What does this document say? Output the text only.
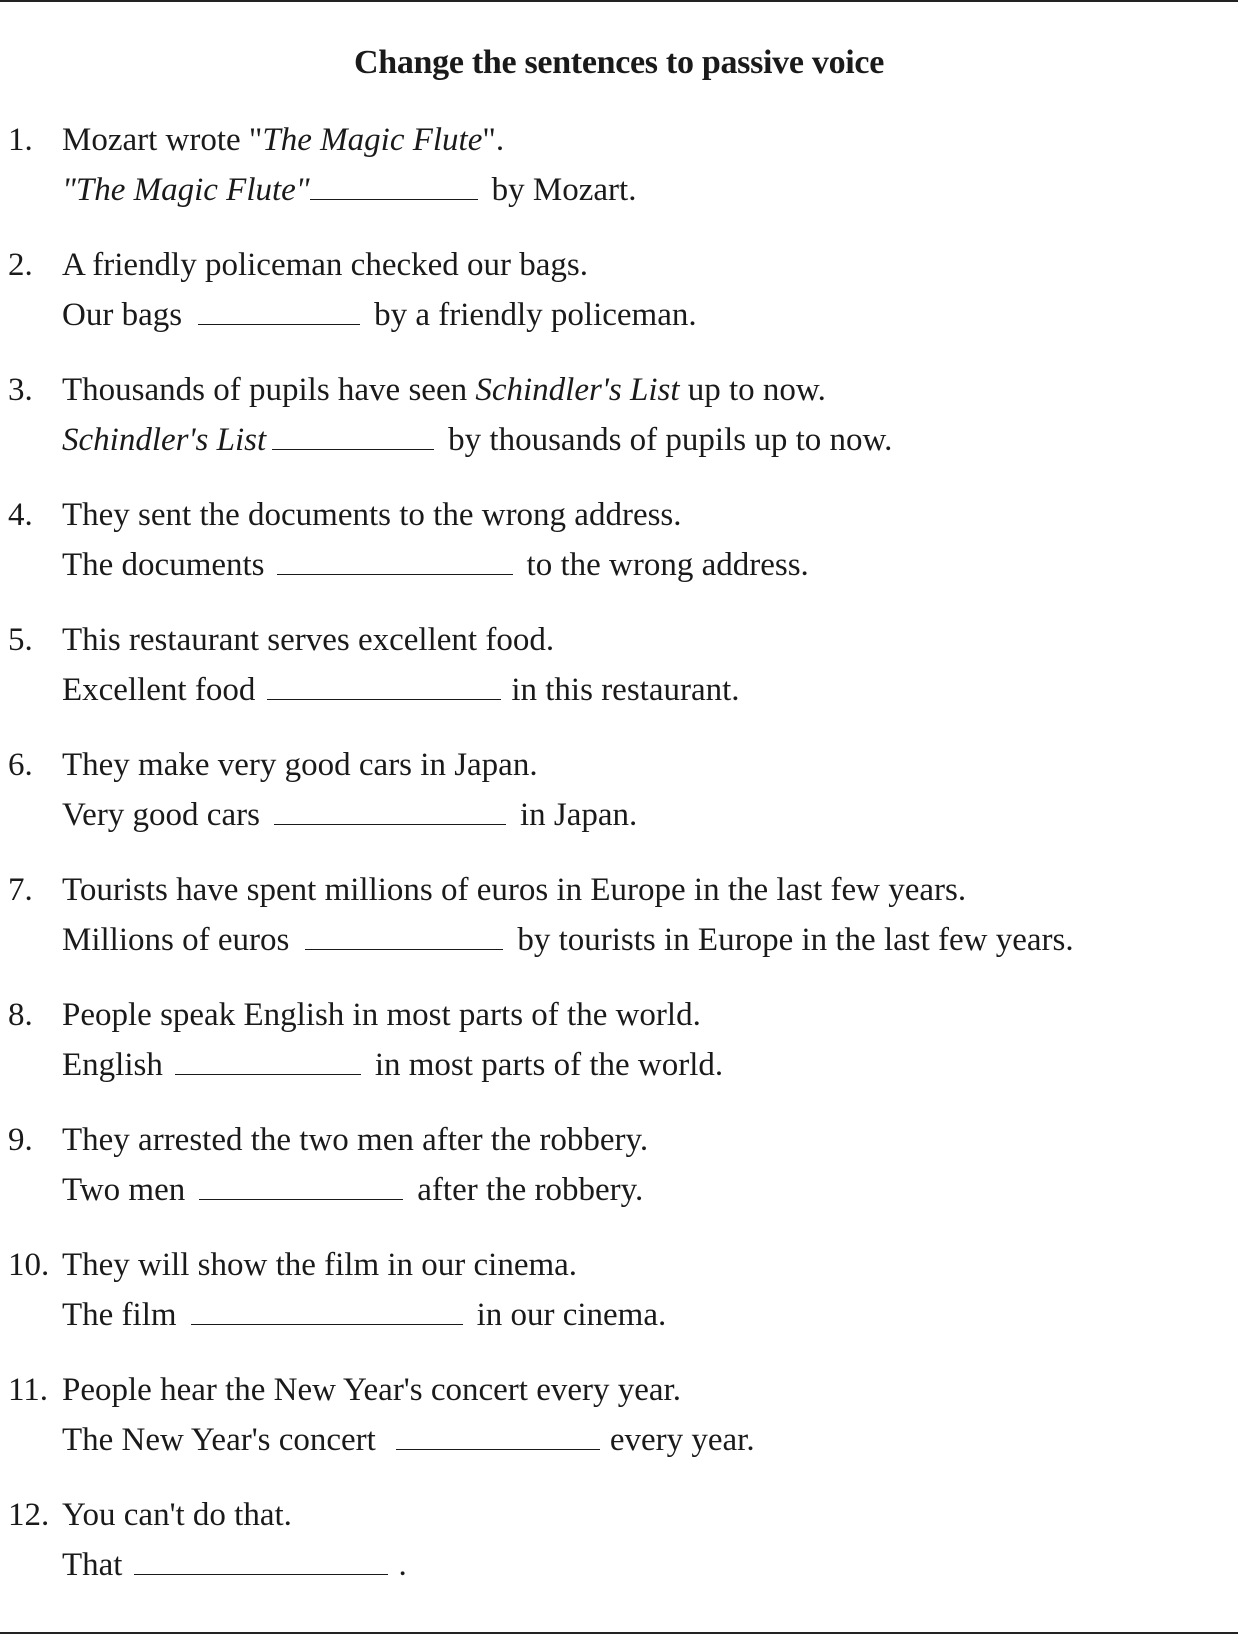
Change the sentences to passive voice
1. Mozart wrote "The Magic Flute".
"The Magic Flute"	by Mozart.
2. A friendly policeman checked our bags.
Our bags	by a friendly policeman.
3. Thousands of pupils have seen Schindler's List up to now.
Schindler's List	by thousands of pupils up to now.
4. They sent the documents to the wrong address.
The documents	to the wrong address.
5. This restaurant serves excellent food.
Excellent food	in this restaurant.
6. They make very good cars in Japan.
Very good cars	in Japan.
7. Tourists have spent millions of euros in Europe in the last few years.
Millions of euros	by tourists in Europe in the last few years.
8. People speak English in most parts of the world.
English	in most parts of the world.
9. They arrested the two men after the robbery.
Two men	after the robbery.
10. They will show the film in our cinema.
The film	in our cinema.
11. People hear the New Year's concert every year.
The New Year's concert	every year.
12. You can't do that.
That	.
